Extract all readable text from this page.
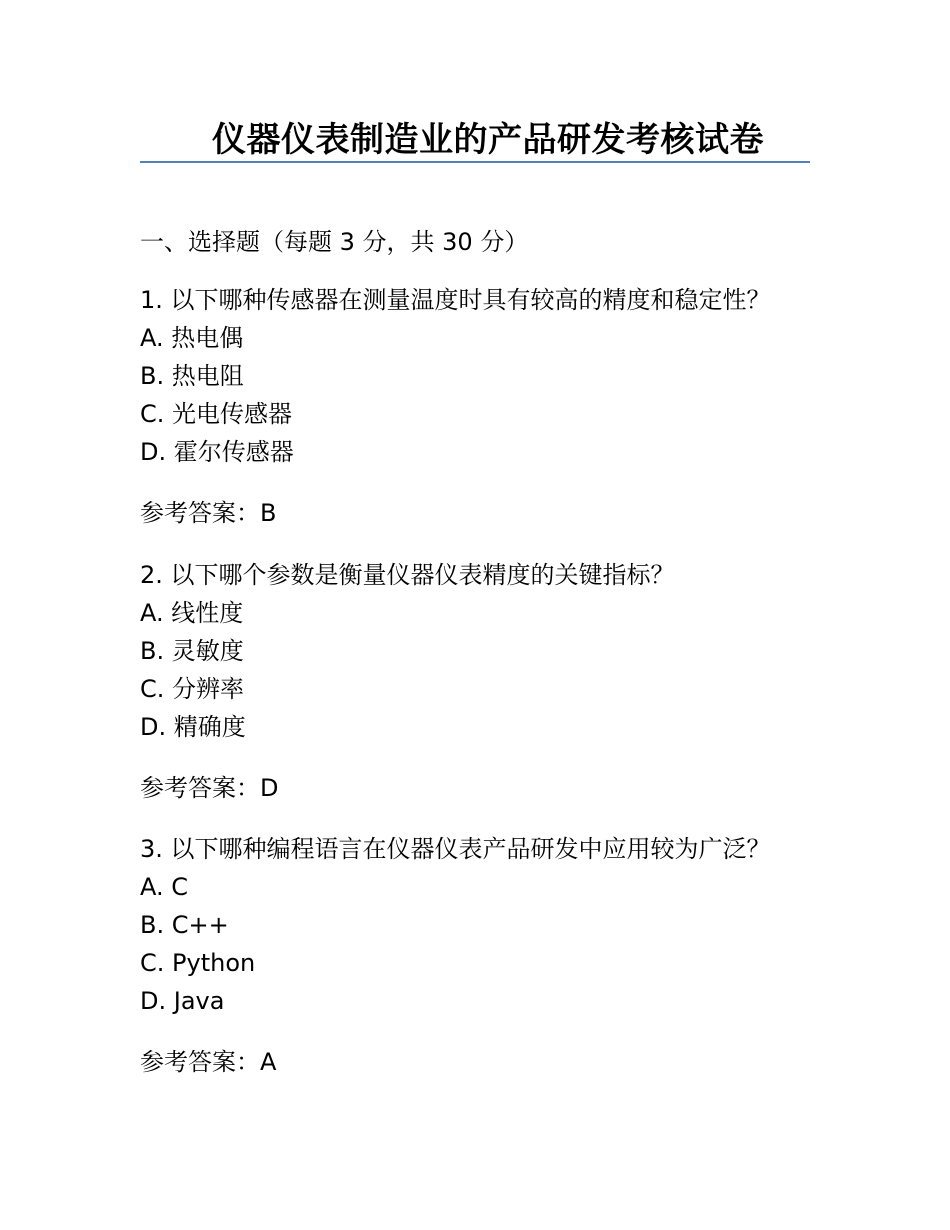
仪器仪表制造业的产品研发考核试卷
一、选择题（每题 3 分，共 30 分）
1. 以下哪种传感器在测量温度时具有较高的精度和稳定性？
A. 热电偶
B. 热电阻
C. 光电传感器
D. 霍尔传感器
参考答案：B
2. 以下哪个参数是衡量仪器仪表精度的关键指标？
A. 线性度
B. 灵敏度
C. 分辨率
D. 精确度
参考答案：D
3. 以下哪种编程语言在仪器仪表产品研发中应用较为广泛？
A. C
B. C++
C. Python
D. Java
参考答案：A
